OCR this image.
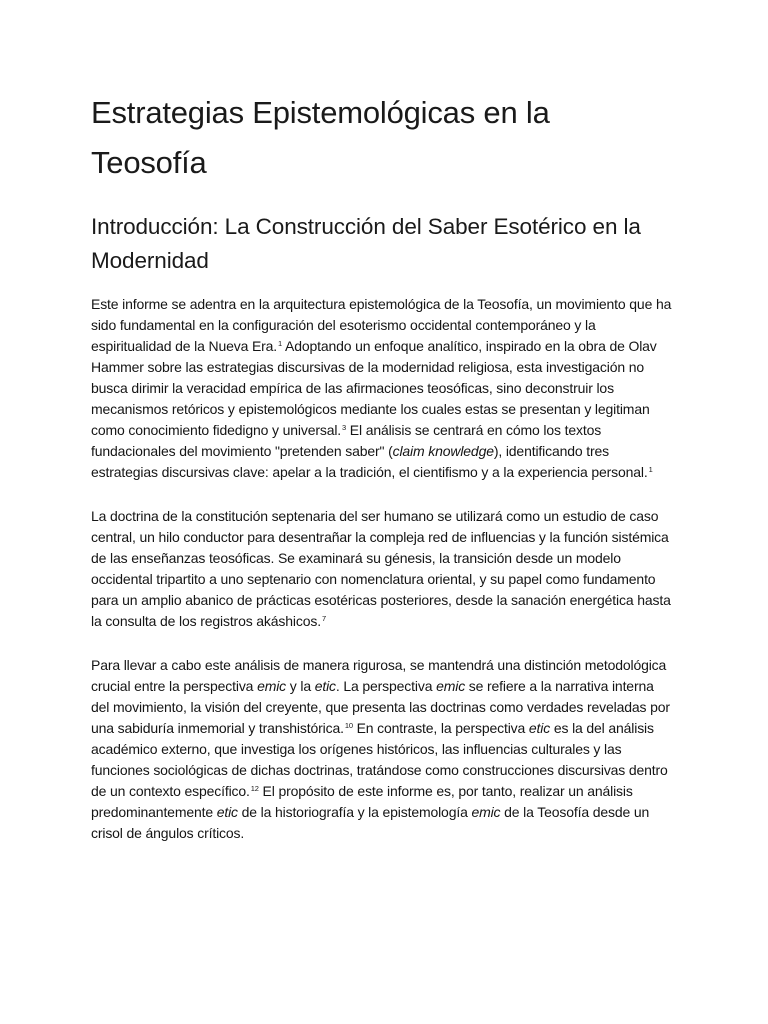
Estrategias Epistemológicas en la Teosofía
Introducción: La Construcción del Saber Esotérico en la Modernidad

Este informe se adentra en la arquitectura epistemológica de la Teosofía, un movimiento que ha sido fundamental en la configuración del esoterismo occidental contemporáneo y la espiritualidad de la Nueva Era.$^1$ Adoptando un enfoque analítico, inspirado en la obra de Olav Hammer sobre las estrategias discursivas de la modernidad religiosa, esta investigación no busca dirimir la veracidad empírica de las afirmaciones teosóficas, sino deconstruir los mecanismos retóricos y epistemológicos mediante los cuales estas se presentan y legitiman como conocimiento fidedigno y universal.$^3$ El análisis se centrará en cómo los textos fundacionales del movimiento "pretenden saber" (claim knowledge), identificando tres estrategias discursivas clave: apelar a la tradición, el cientifismo y a la experiencia personal.$^1$

La doctrina de la constitución septenaria del ser humano se utilizará como un estudio de caso central, un hilo conductor para desentrañar la compleja red de influencias y la función sistémica de las enseñanzas teosóficas. Se examinará su génesis, la transición desde un modelo occidental tripartito a uno septenario con nomenclatura oriental, y su papel como fundamento para un amplio abanico de prácticas esotéricas posteriores, desde la sanación energética hasta la consulta de los registros akáshicos.$^7$

Para llevar a cabo este análisis de manera rigurosa, se mantendrá una distinción metodológica crucial entre la perspectiva emic y la etic. La perspectiva emic se refiere a la narrativa interna del movimiento, la visión del creyente, que presenta las doctrinas como verdades reveladas por una sabiduría inmemorial y transhistórica.$^{10}$ En contraste, la perspectiva etic es la del análisis académico externo, que investiga los orígenes históricos, las influencias culturales y las funciones sociológicas de dichas doctrinas, tratándose como construcciones discursivas dentro de un contexto específico.$^{12}$ El propósito de este informe es, por tanto, realizar un análisis predominantemente etic de la historiografía y la epistemología emic de la Teosofía desde un crisol de ángulos críticos.
